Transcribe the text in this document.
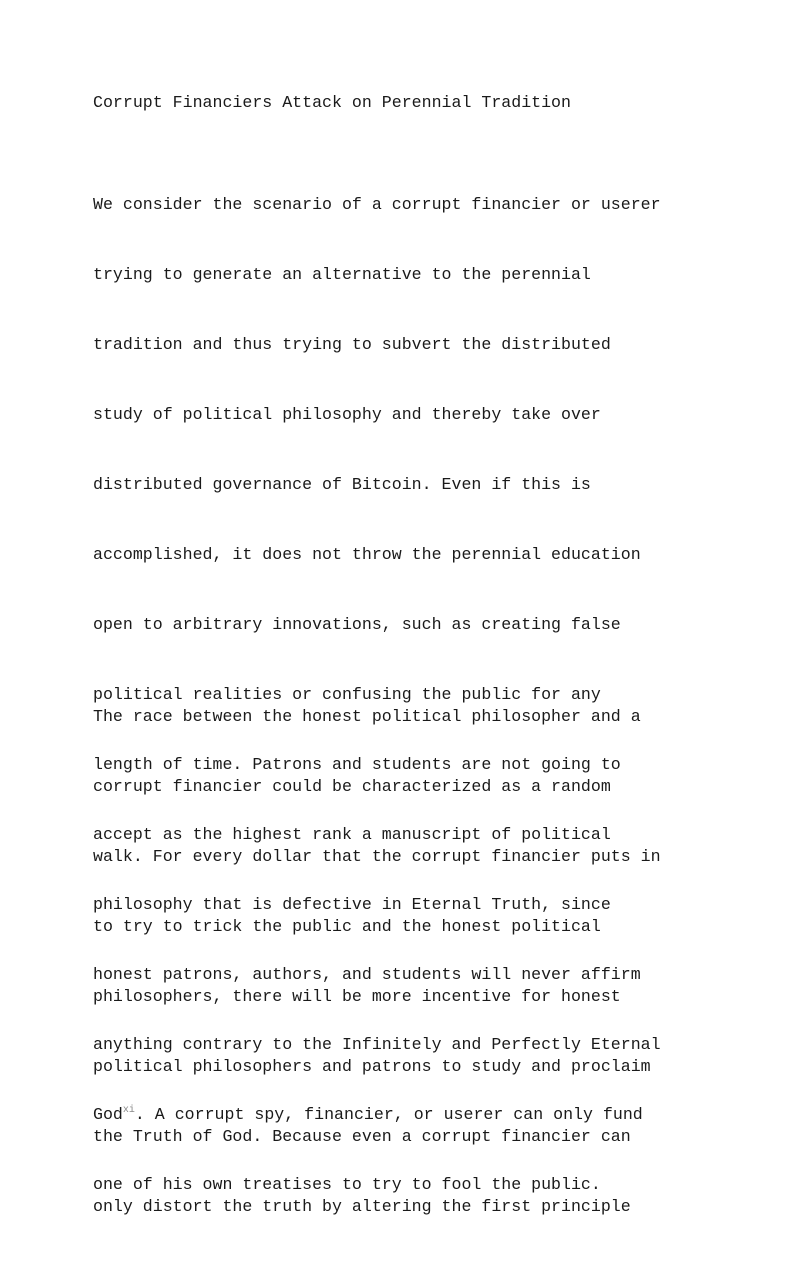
Corrupt Financiers Attack on Perennial Tradition

We consider the scenario of a corrupt financier or userer

trying to generate an alternative to the perennial

tradition and thus trying to subvert the distributed

study of political philosophy and thereby take over

distributed governance of Bitcoin. Even if this is

accomplished, it does not throw the perennial education

open to arbitrary innovations, such as creating false

political realities or confusing the public for any

length of time. Patrons and students are not going to

accept as the highest rank a manuscript of political

philosophy that is defective in Eternal Truth, since

honest patrons, authors, and students will never affirm

anything contrary to the Infinitely and Perfectly Eternal

God$^{xi}$. A corrupt spy, financier, or userer can only fund

one of his own treatises to try to fool the public.

The race between the honest political philosopher and a

corrupt financier could be characterized as a random

walk. For every dollar that the corrupt financier puts in

to try to trick the public and the honest political

philosophers, there will be more incentive for honest

political philosophers and patrons to study and proclaim

the Truth of God. Because even a corrupt financier can

only distort the truth by altering the first principle
